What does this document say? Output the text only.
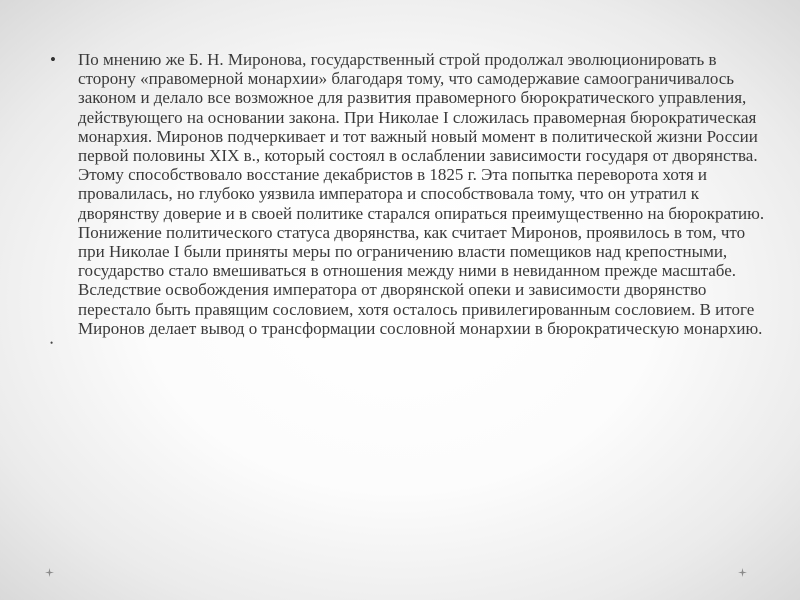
• По мнению же Б. Н. Миронова, государственный строй продолжал эволюционировать в сторону «правомерной монархии» благодаря тому, что самодержавие самоограничивалось законом и делало все возможное для развития правомерного бюрократического управления, действующего на основании закона. При Николае I сложилась правомерная бюрократическая монархия. Миронов подчеркивает и тот важный новый момент в политической жизни России первой половины XIX в., который состоял в ослаблении зависимости государя от дворянства. Этому способствовало восстание декабристов в 1825 г. Эта попытка переворота хотя и провалилась, но глубоко уязвила императора и способствовала тому, что он утратил к дворянству доверие и в своей политике старался опираться преимущественно на бюрократию. Понижение политического статуса дворянства, как считает Миронов, проявилось в том, что при Николае I были приняты меры по ограничению власти помещиков над крепостными, государство стало вмешиваться в отношения между ними в невиданном прежде масштабе. Вследствие освобождения императора от дворянской опеки и зависимости дворянство перестало быть правящим сословием, хотя осталось привилегированным сословием. В итоге Миронов делает вывод о трансформации сословной монархии в бюрократическую монархию.
•
